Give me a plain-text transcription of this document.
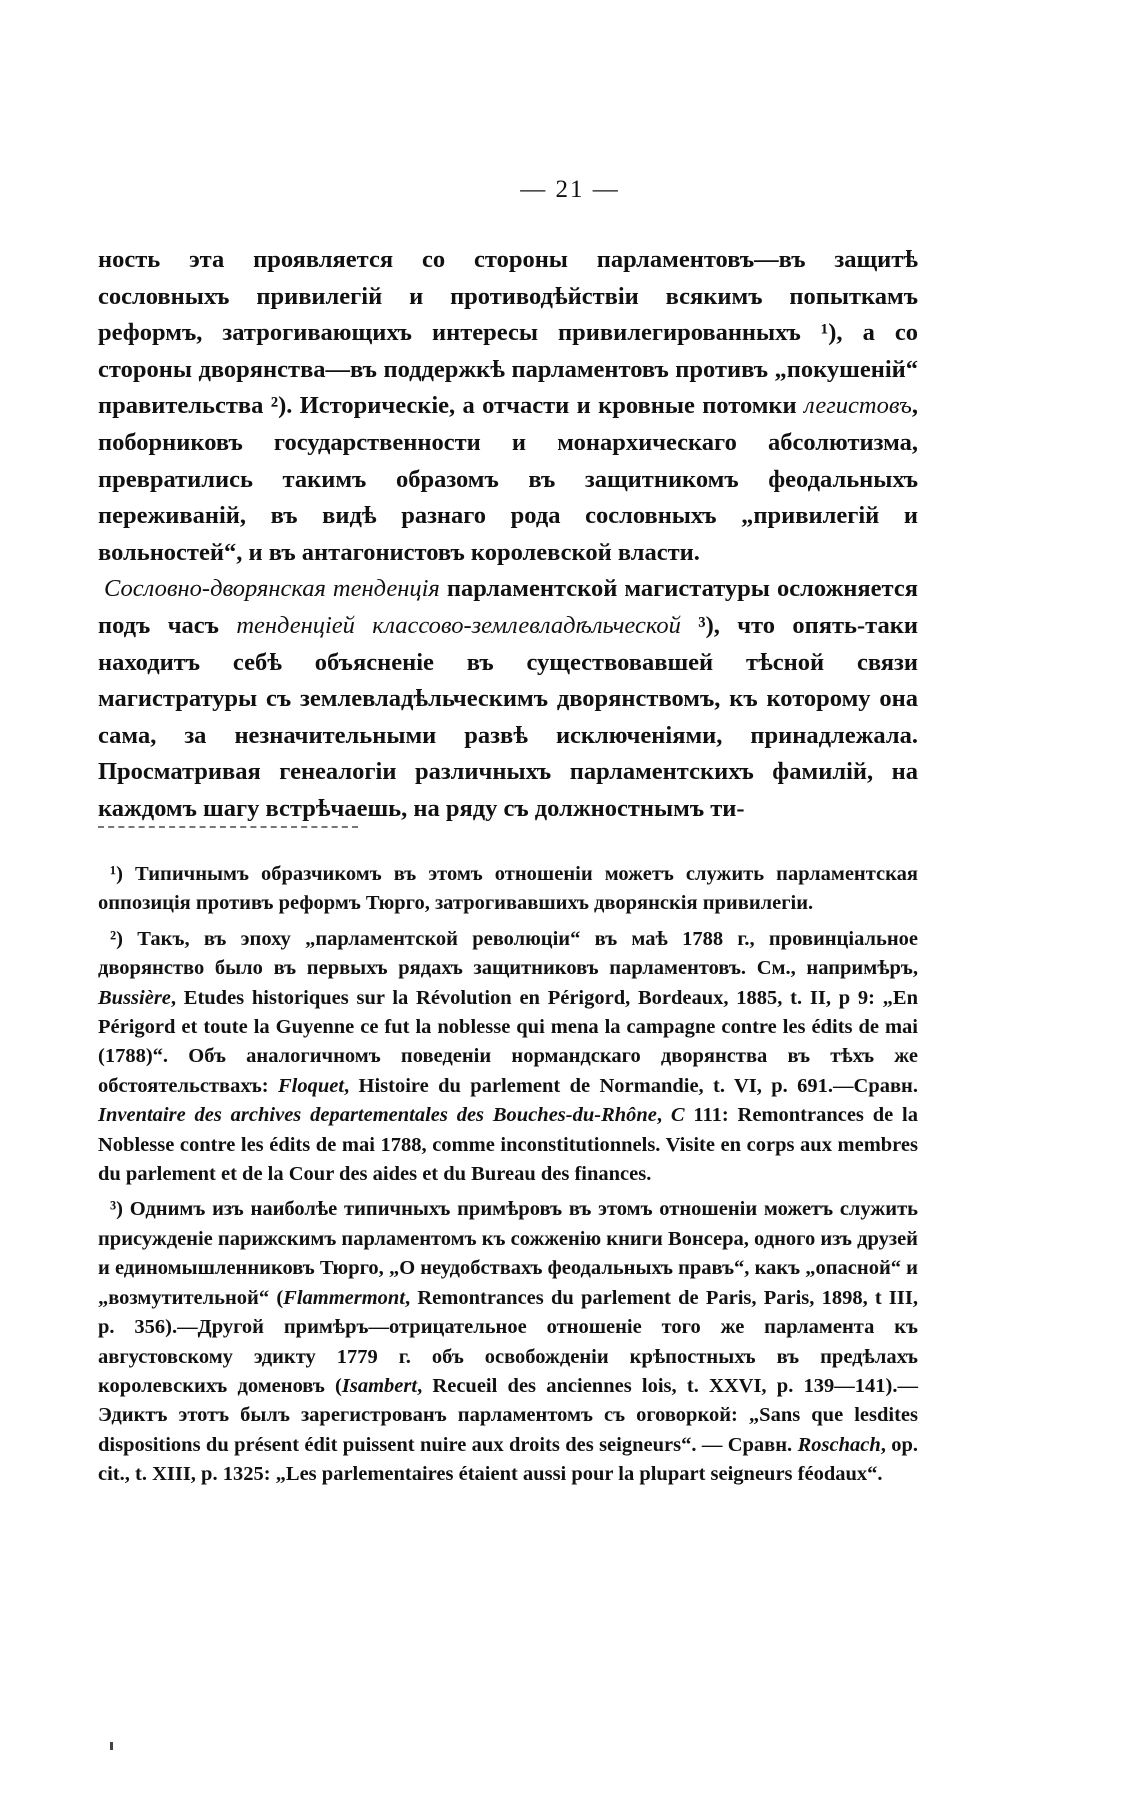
— 21 —

ность эта проявляется со стороны парламентовъ—въ защитѣ сословныхъ привилегій и противодѣйствіи всякимъ попыткамъ реформъ, затрогивающихъ интересы привилегированныхъ ¹), а со стороны дворянства—въ поддержкѣ парламентовъ противъ „покушеній“ правительства ²). Историческіе, а отчасти и кровные потомки легистовъ, поборниковъ государственности и монархическаго абсолютизма, превратились такимъ образомъ въ защитникомъ феодальныхъ переживаній, въ видѣ разнаго рода сословныхъ „привилегій и вольностей“, и въ антагонистовъ королевской власти.

Сословно-дворянская тенденція парламентской магистатуры осложняется подъ часъ тенденціей классово-землевладѣльческой ³), что опять-таки находитъ себѣ объясненіе въ существовавшей тѣсной связи магистратуры съ землевладѣльческимъ дворянствомъ, къ которому она сама, за незначительными развѣ исключеніями, принадлежала. Просматривая генеалогіи различныхъ парламентскихъ фамилій, на каждомъ шагу встрѣчаешь, на ряду съ должностнымъ ти-

¹) Типичнымъ образчикомъ въ этомъ отношеніи можетъ служить парламентская оппозиція противъ реформъ Тюрго, затрогивавшихъ дворянскія привилегіи.

²) Такъ, въ эпоху „парламентской революціи“ въ маѣ 1788 г., провинціальное дворянство было въ первыхъ рядахъ защитниковъ парламентовъ. См., напримѣръ, Bussière, Etudes historiques sur la Révolution en Périgord, Bordeaux, 1885, t. II, p 9: „En Périgord et toute la Guyenne ce fut la noblesse qui mena la campagne contre les édits de mai (1788)“. Объ аналогичномъ поведеніи нормандскаго дворянства въ тѣхъ же обстоятельствахъ: Floquet, Histoire du parlement de Normandie, t. VI, p. 691.—Сравн. Inventaire des archives departementales des Bouches-du-Rhône, C 111: Remontrances de la Noblesse contre les édits de mai 1788, comme inconstitutionnels. Visite en corps aux membres du parlement et de la Cour des aides et du Bureau des finances.

³) Однимъ изъ наиболѣе типичныхъ примѣровъ въ этомъ отношеніи можетъ служить присужденіе парижскимъ парламентомъ къ сожженію книги Вонсера, одного изъ друзей и единомышленниковъ Тюрго, „О неудобствахъ феодальныхъ правъ“, какъ „опасной“ и „возмутительной“ (Flammermont, Remontrances du parlement de Paris, Paris, 1898, t III, p. 356).—Другой примѣръ—отрицательное отношеніе того же парламента къ августовскому эдикту 1779 г. объ освобожденіи крѣпостныхъ въ предѣлахъ королевскихъ доменовъ (Isambert, Recueil des anciennes lois, t. XXVI, p. 139—141).—Эдиктъ этотъ былъ зарегистрованъ парламентомъ съ оговоркой: „Sans que lesdites dispositions du présent édit puissent nuire aux droits des seigneurs“. — Сравн. Roschach, op. cit., t. XIII, p. 1325: „Les parlementaires étaient aussi pour la plupart seigneurs féodaux“.
